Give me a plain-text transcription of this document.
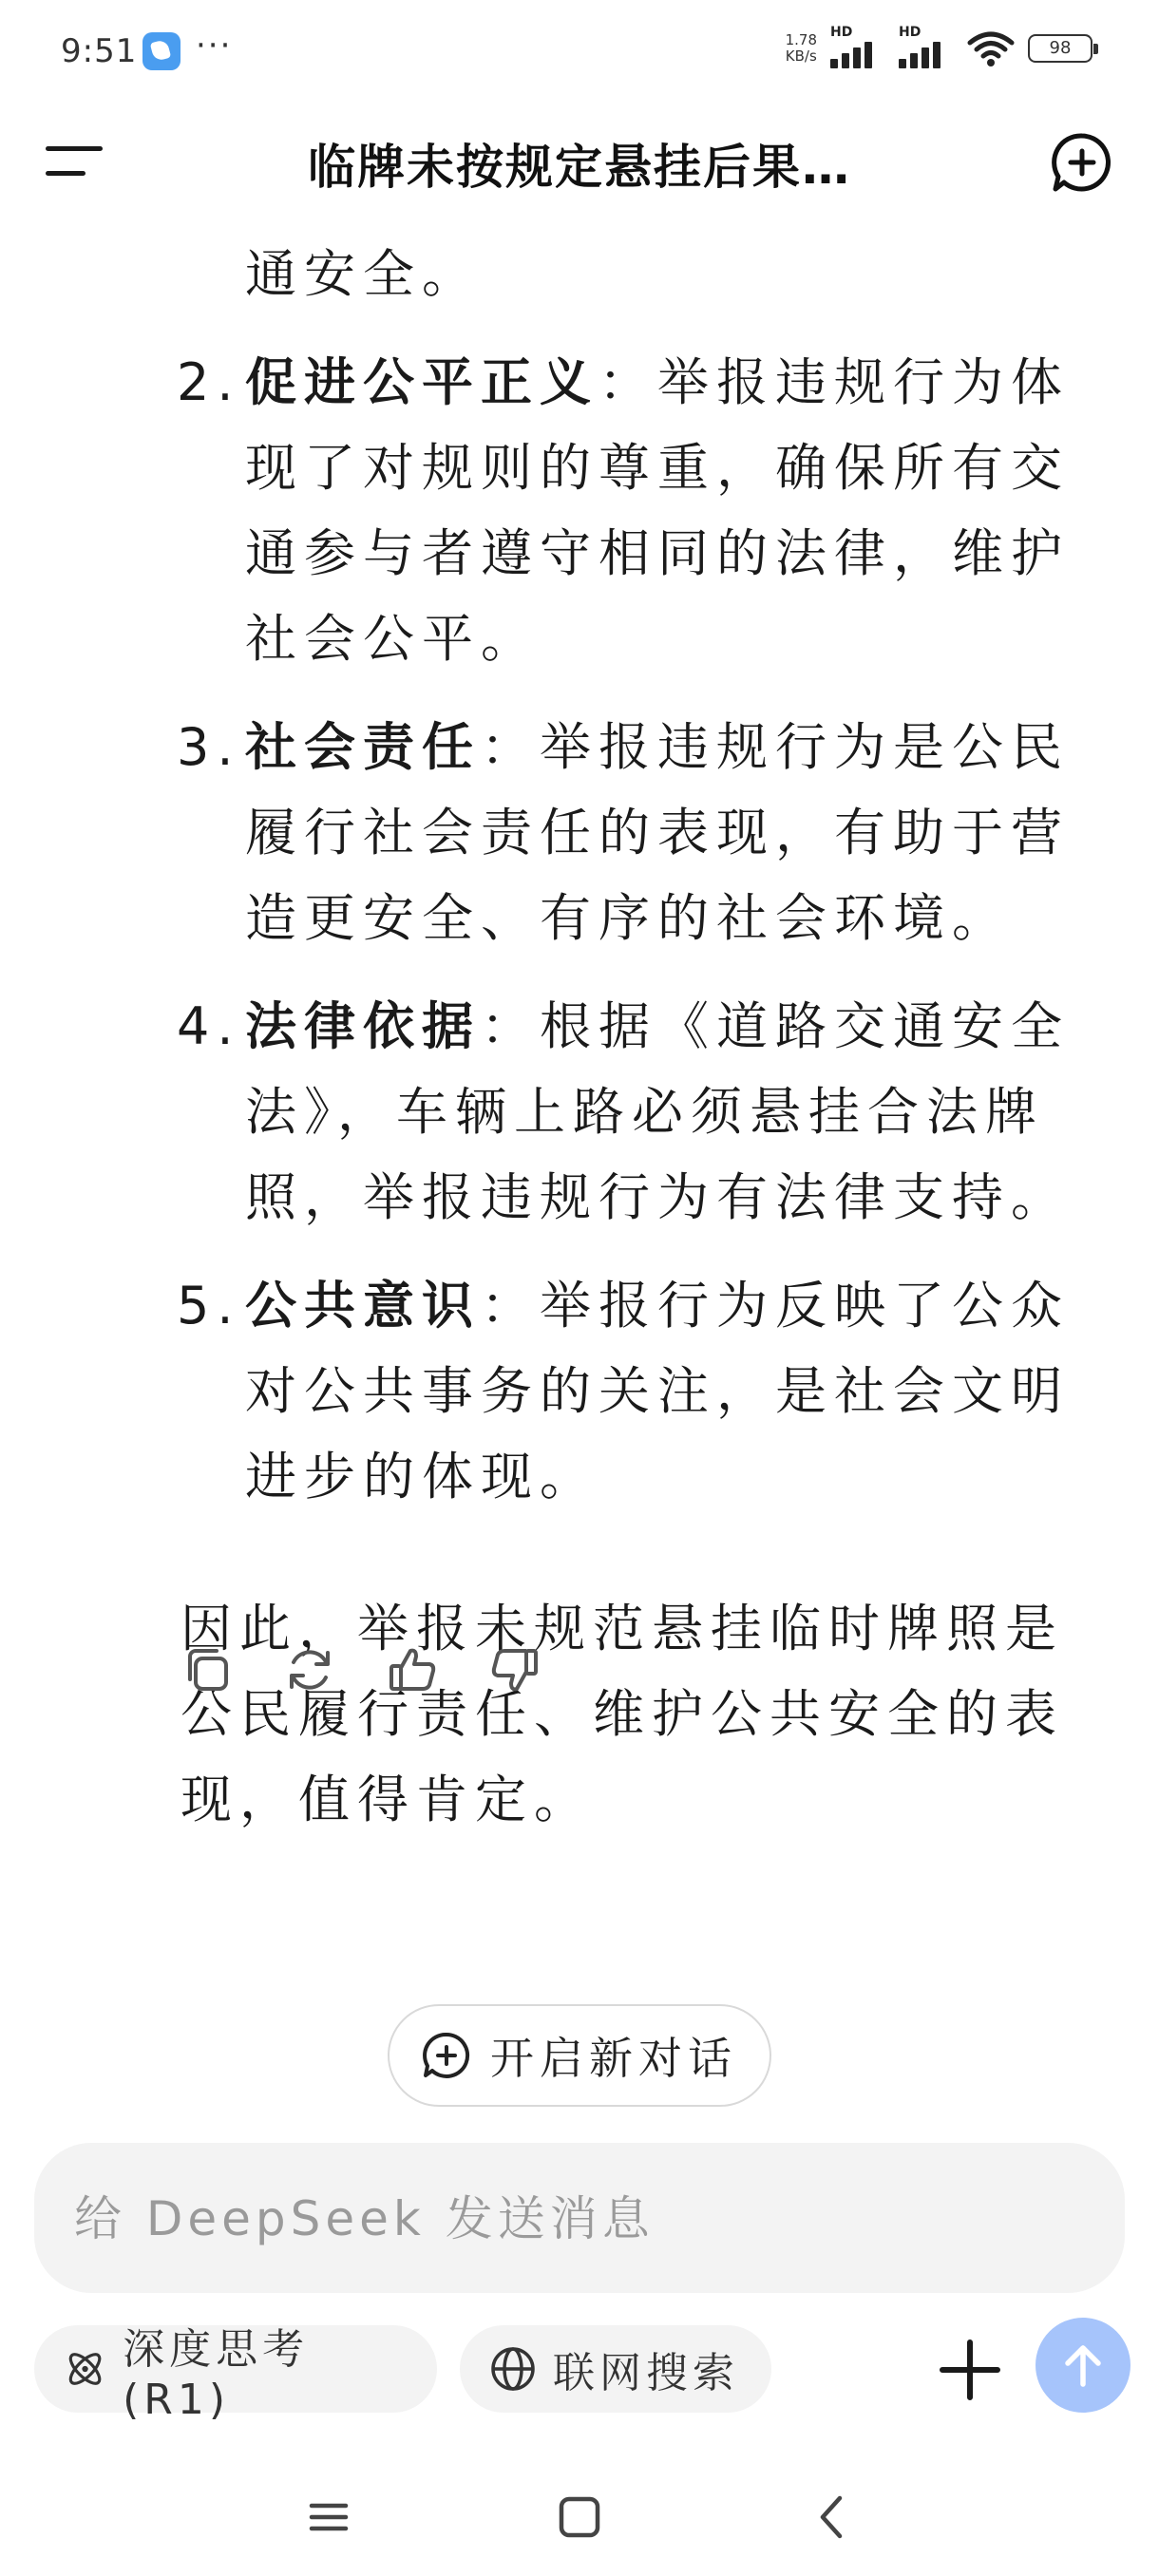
9:51 ···	1.78
KB/s
HD	HD
98
临牌未按规定悬挂后果…
通安全。
2. 促进公平正义：举报违规行为体现了对规则的尊重，确保所有交通参与者遵守相同的法律，维护社会公平。
3. 社会责任：举报违规行为是公民履行社会责任的表现，有助于营造更安全、有序的社会环境。
4. 法律依据：根据《道路交通安全法》，车辆上路必须悬挂合法牌照，举报违规行为有法律支持。
5. 公共意识：举报行为反映了公众对公共事务的关注，是社会文明进步的体现。
因此，举报未规范悬挂临时牌照是公民履行责任、维护公共安全的表现，值得肯定。
开启新对话
给 DeepSeek 发送消息
深度思考 (R1)
联网搜索
